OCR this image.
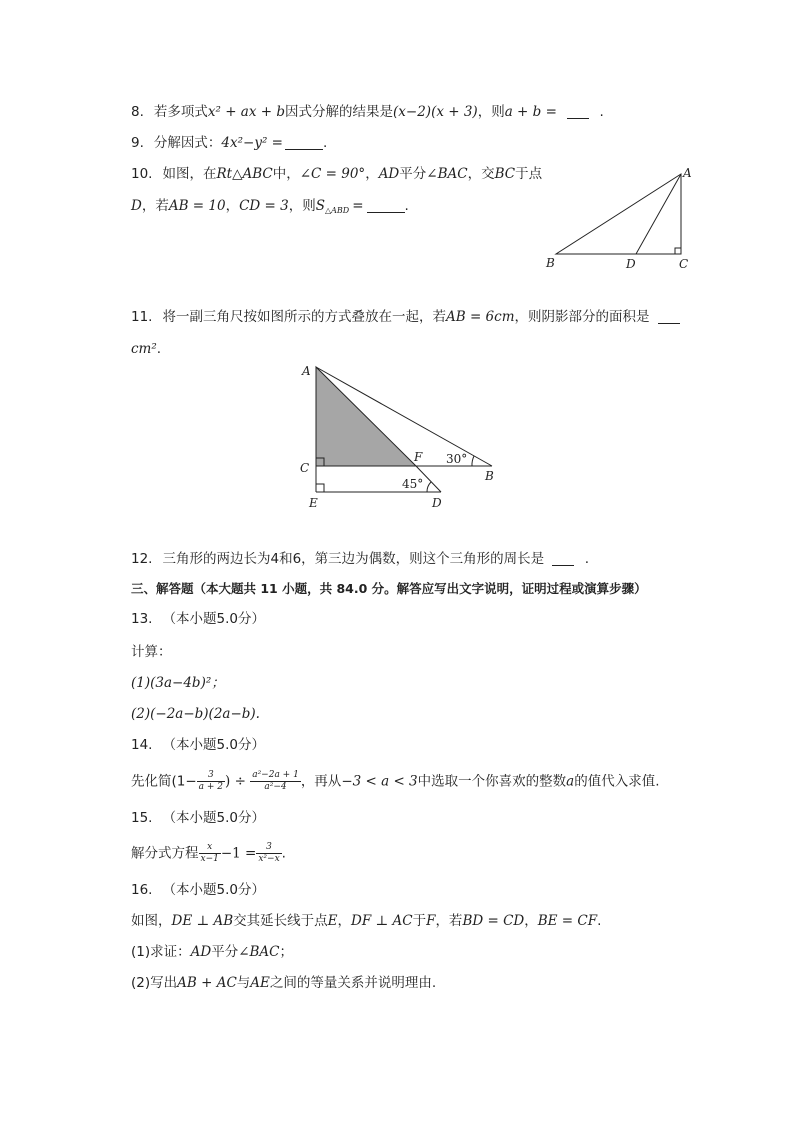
8. 若多项式x² + ax + b因式分解的结果是(x−2)(x + 3)，则a + b =	.
9. 分解因式：4x²−y² =	.
10. 如图，在Rt△ABC中，∠C = 90°，AD平分∠BAC，交BC于点
D，若AB = 10，CD = 3，则$S_{\triangle ABD}$ =	.
A
B	D	C
11. 将一副三角尺按如图所示的方式叠放在一起，若AB = 6cm，则阴影部分的面积是
cm².
A
C
F
B
E	D
30°
45°
12. 三角形的两边长为4和6，第三边为偶数，则这个三角形的周长是	.
三、解答题（本大题共 11 小题，共 84.0 分。解答应写出文字说明，证明过程或演算步骤）
13. （本小题5.0分）
计算：
(1)(3a−4b)²；
(2)(−2a−b)(2a−b).
14. （本小题5.0分）
先化简($1- \frac{3}{a + 2}$ ) ÷ $\frac{\text{a²−2a + 1}}{\text{a²−4}}$ ，再从−3 < a < 3中选取一个你喜欢的整数a的值代入求值.
15. （本小题5.0分）
解分式方程 $\frac{x}{x-1} -1 = \frac{3}{\text{x²−x}}$ .
16. （本小题5.0分）
如图，DE ⊥ AB交其延长线于点E，DF ⊥ AC于F，若BD = CD，BE = CF.
(1)求证：AD平分∠BAC；
(2)写出AB + AC与AE之间的等量关系并说明理由.
